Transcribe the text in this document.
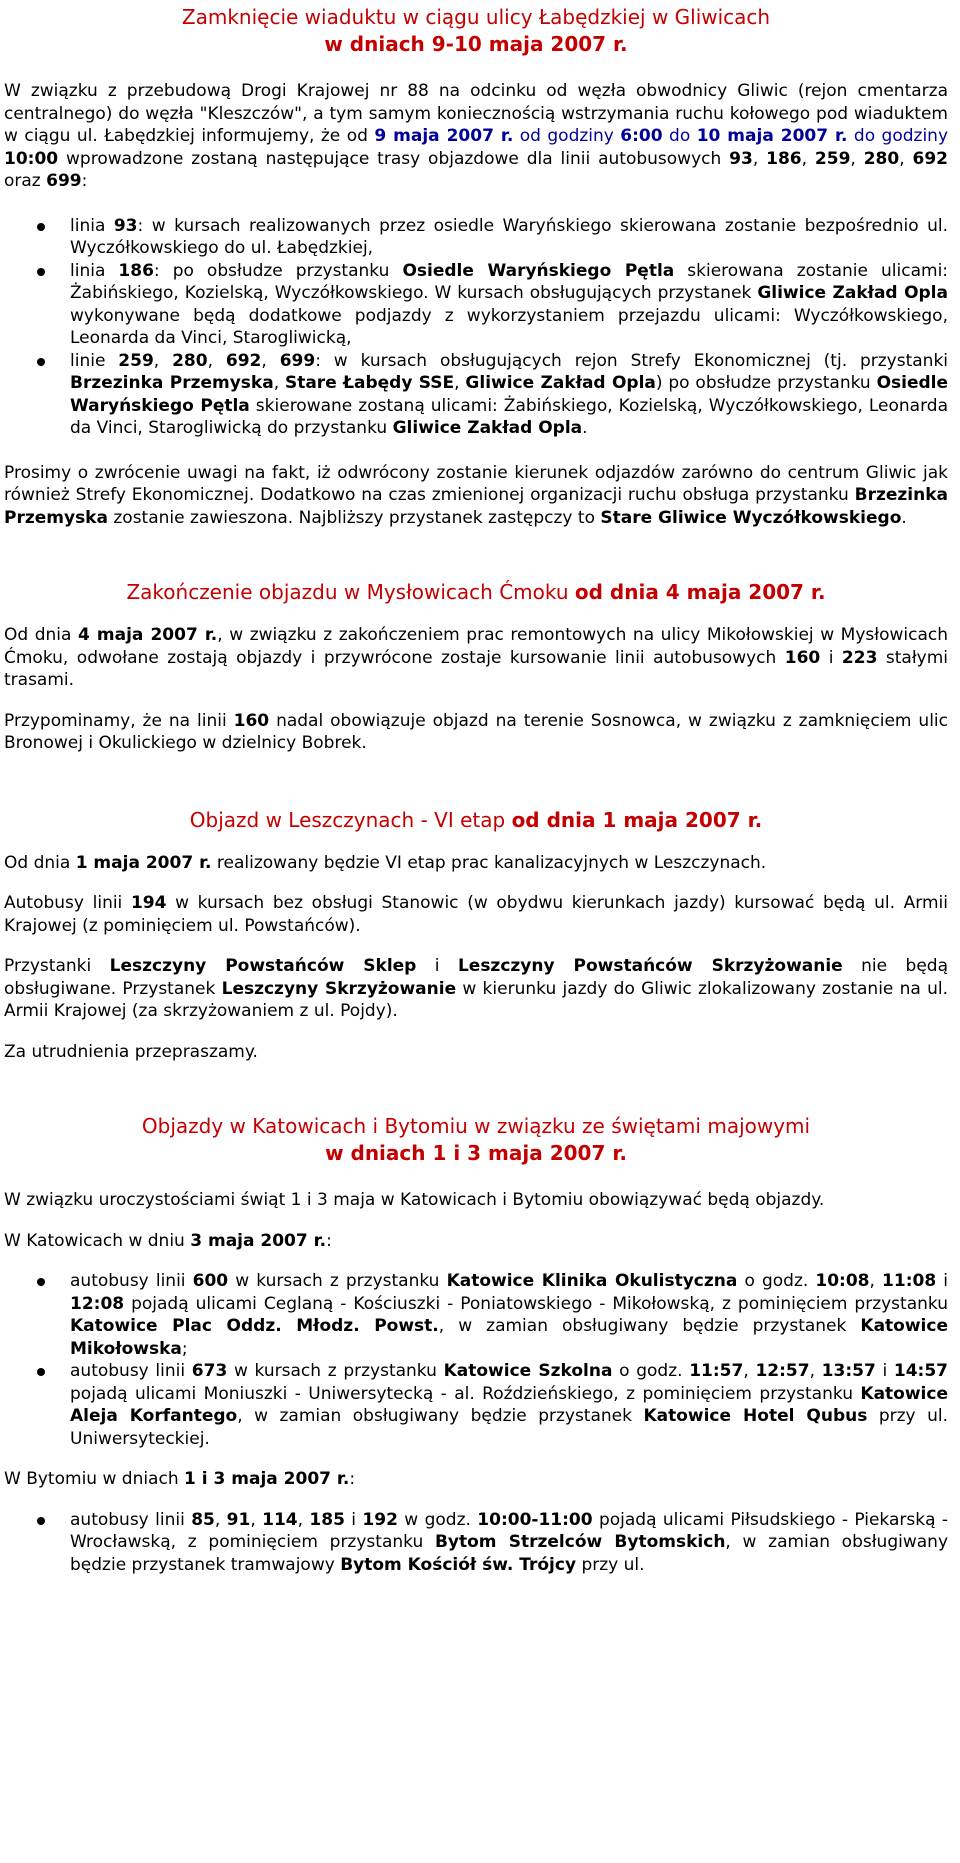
Zamknięcie wiaduktu w ciągu ulicy Łabędzkiej w Gliwicach
w dniach 9-10 maja 2007 r.

W związku z przebudową Drogi Krajowej nr 88 na odcinku od węzła obwodnicy Gliwic (rejon cmentarza centralnego) do węzła "Kleszczów", a tym samym koniecznością wstrzymania ruchu kołowego pod wiaduktem w ciągu ul. Łabędzkiej informujemy, że od 9 maja 2007 r. od godziny 6:00 do 10 maja 2007 r. do godziny 10:00 wprowadzone zostaną następujące trasy objazdowe dla linii autobusowych 93, 186, 259, 280, 692 oraz 699:

linia 93: w kursach realizowanych przez osiedle Waryńskiego skierowana zostanie bezpośrednio ul. Wyczółkowskiego do ul. Łabędzkiej,
linia 186: po obsłudze przystanku Osiedle Waryńskiego Pętla skierowana zostanie ulicami: Żabińskiego, Kozielską, Wyczółkowskiego. W kursach obsługujących przystanek Gliwice Zakład Opla wykonywane będą dodatkowe podjazdy z wykorzystaniem przejazdu ulicami: Wyczółkowskiego, Leonarda da Vinci, Starogliwicką,
linie 259, 280, 692, 699: w kursach obsługujących rejon Strefy Ekonomicznej (tj. przystanki Brzezinka Przemyska, Stare Łabędy SSE, Gliwice Zakład Opla) po obsłudze przystanku Osiedle Waryńskiego Pętla skierowane zostaną ulicami: Żabińskiego, Kozielską, Wyczółkowskiego, Leonarda da Vinci, Starogliwicką do przystanku Gliwice Zakład Opla.

Prosimy o zwrócenie uwagi na fakt, iż odwrócony zostanie kierunek odjazdów zarówno do centrum Gliwic jak również Strefy Ekonomicznej. Dodatkowo na czas zmienionej organizacji ruchu obsługa przystanku Brzezinka Przemyska zostanie zawieszona. Najbliższy przystanek zastępczy to Stare Gliwice Wyczółkowskiego.

Zakończenie objazdu w Mysłowicach Ćmoku od dnia 4 maja 2007 r.

Od dnia 4 maja 2007 r., w związku z zakończeniem prac remontowych na ulicy Mikołowskiej w Mysłowicach Ćmoku, odwołane zostają objazdy i przywrócone zostaje kursowanie linii autobusowych 160 i 223 stałymi trasami.

Przypominamy, że na linii 160 nadal obowiązuje objazd na terenie Sosnowca, w związku z zamknięciem ulic Bronowej i Okulickiego w dzielnicy Bobrek.

Objazd w Leszczynach - VI etap od dnia 1 maja 2007 r.

Od dnia 1 maja 2007 r. realizowany będzie VI etap prac kanalizacyjnych w Leszczynach.

Autobusy linii 194 w kursach bez obsługi Stanowic (w obydwu kierunkach jazdy) kursować będą ul. Armii Krajowej (z pominięciem ul. Powstańców).

Przystanki Leszczyny Powstańców Sklep i Leszczyny Powstańców Skrzyżowanie nie będą obsługiwane. Przystanek Leszczyny Skrzyżowanie w kierunku jazdy do Gliwic zlokalizowany zostanie na ul. Armii Krajowej (za skrzyżowaniem z ul. Pojdy).

Za utrudnienia przepraszamy.

Objazdy w Katowicach i Bytomiu w związku ze świętami majowymi
w dniach 1 i 3 maja 2007 r.

W związku uroczystościami świąt 1 i 3 maja w Katowicach i Bytomiu obowiązywać będą objazdy.

W Katowicach w dniu 3 maja 2007 r.:

autobusy linii 600 w kursach z przystanku Katowice Klinika Okulistyczna o godz. 10:08, 11:08 i 12:08 pojadą ulicami Ceglaną - Kościuszki - Poniatowskiego - Mikołowską, z pominięciem przystanku Katowice Plac Oddz. Młodz. Powst., w zamian obsługiwany będzie przystanek Katowice Mikołowska;
autobusy linii 673 w kursach z przystanku Katowice Szkolna o godz. 11:57, 12:57, 13:57 i 14:57 pojadą ulicami Moniuszki - Uniwersytecką - al. Roździeńskiego, z pominięciem przystanku Katowice Aleja Korfantego, w zamian obsługiwany będzie przystanek Katowice Hotel Qubus przy ul. Uniwersyteckiej.

W Bytomiu w dniach 1 i 3 maja 2007 r.:

autobusy linii 85, 91, 114, 185 i 192 w godz. 10:00-11:00 pojadą ulicami Piłsudskiego - Piekarską - Wrocławską, z pominięciem przystanku Bytom Strzelców Bytomskich, w zamian obsługiwany będzie przystanek tramwajowy Bytom Kościół św. Trójcy przy ul.
